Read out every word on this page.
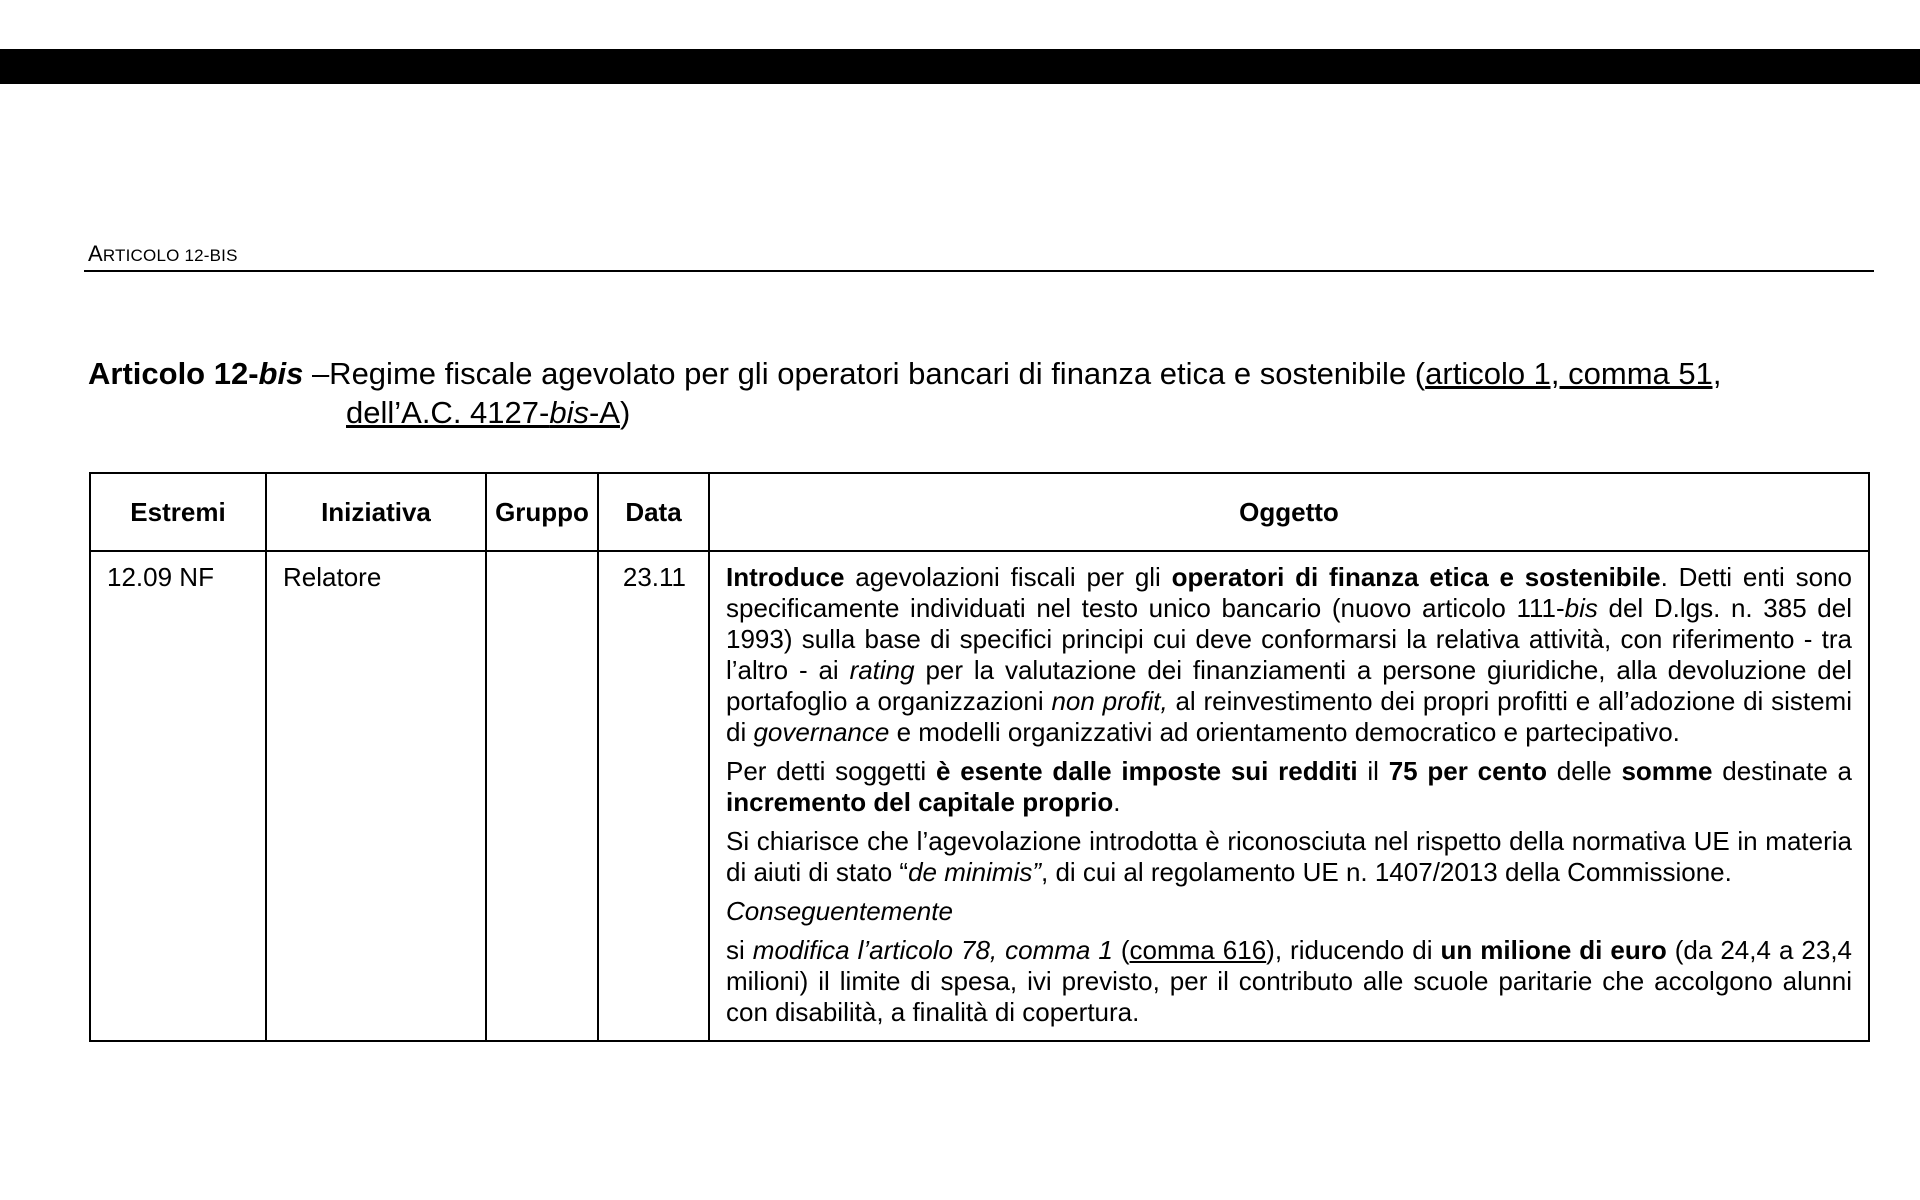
ARTICOLO 12-BIS
Articolo 12-bis –Regime fiscale agevolato per gli operatori bancari di finanza etica e sostenibile (articolo 1, comma 51,
dell’A.C. 4127-bis-A)
Estremi	Iniziativa	Gruppo	Data	Oggetto
12.09 NF	Relatore		23.11	Introduce agevolazioni fiscali per gli operatori di finanza etica e sostenibile. Detti enti sono specificamente individuati nel testo unico bancario (nuovo articolo 111-bis del D.lgs. n. 385 del 1993) sulla base di specifici principi cui deve conformarsi la relativa attività, con riferimento - tra l’altro - ai rating per la valutazione dei finanziamenti a persone giuridiche, alla devoluzione del portafoglio a organizzazioni non profit, al reinvestimento dei propri profitti e all’adozione di sistemi di governance e modelli organizzativi ad orientamento democratico e partecipativo.

Per detti soggetti è esente dalle imposte sui redditi il 75 per cento delle somme destinate a incremento del capitale proprio.

Si chiarisce che l’agevolazione introdotta è riconosciuta nel rispetto della normativa UE in materia di aiuti di stato “de minimis”, di cui al regolamento UE n. 1407/2013 della Commissione.

Conseguentemente

si modifica l’articolo 78, comma 1 (comma 616), riducendo di un milione di euro (da 24,4 a 23,4 milioni) il limite di spesa, ivi previsto, per il contributo alle scuole paritarie che accolgono alunni con disabilità, a finalità di copertura.
